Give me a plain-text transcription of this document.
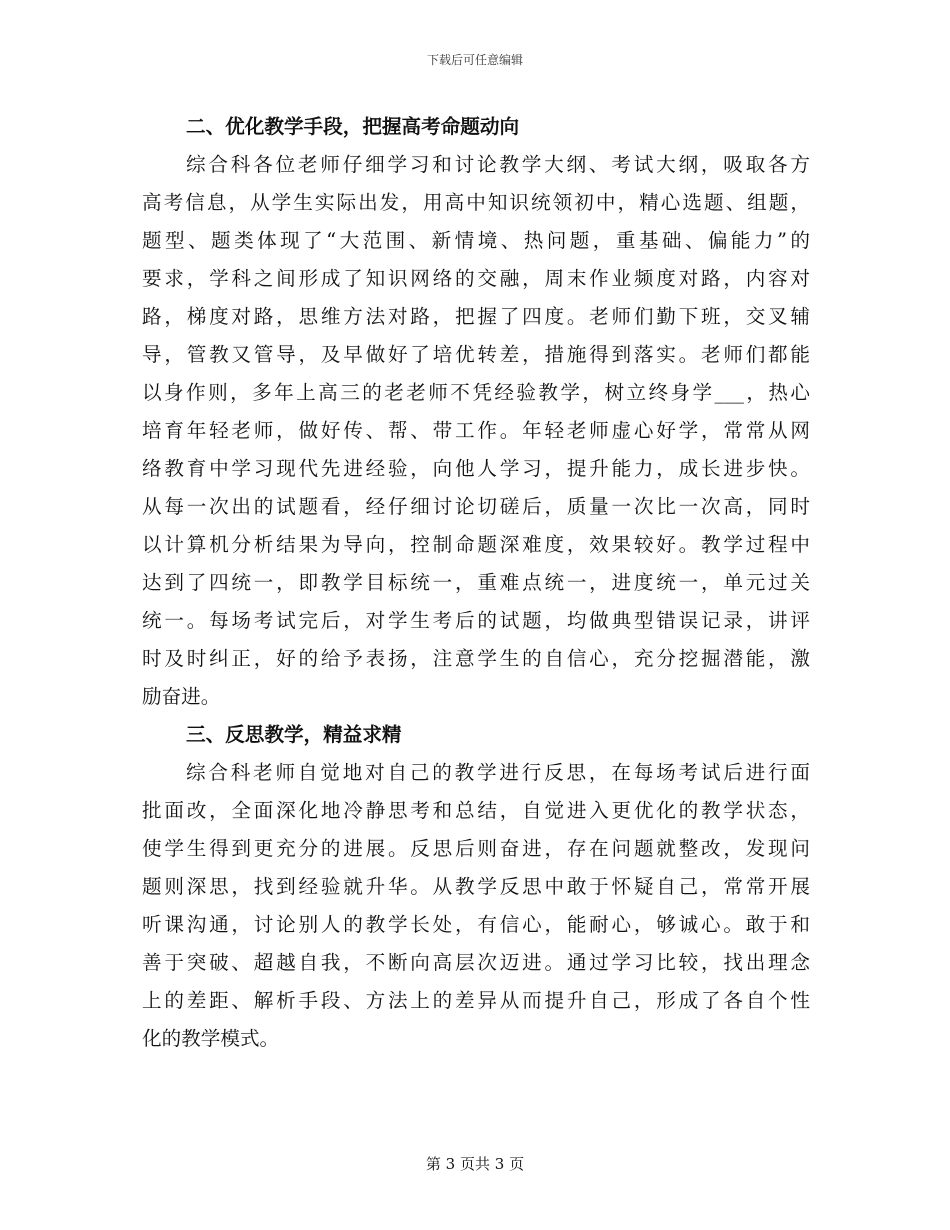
下载后可任意编辑
二、优化教学手段，把握高考命题动向
综合科各位老师仔细学习和讨论教学大纲、考试大纲，吸取各方
高考信息，从学生实际出发，用高中知识统领初中，精心选题、组题，
题型、题类体现了“大范围、新情境、热问题，重基础、偏能力”的
要求，学科之间形成了知识网络的交融，周末作业频度对路，内容对
路，梯度对路，思维方法对路，把握了四度。老师们勤下班，交叉辅
导，管教又管导，及早做好了培优转差，措施得到落实。老师们都能
以身作则，多年上高三的老老师不凭经验教学，树立终身学___，热心
培育年轻老师，做好传、帮、带工作。年轻老师虚心好学，常常从网
络教育中学习现代先进经验，向他人学习，提升能力，成长进步快。
从每一次出的试题看，经仔细讨论切磋后，质量一次比一次高，同时
以计算机分析结果为导向，控制命题深难度，效果较好。教学过程中
达到了四统一，即教学目标统一，重难点统一，进度统一，单元过关
统一。每场考试完后，对学生考后的试题，均做典型错误记录，讲评
时及时纠正，好的给予表扬，注意学生的自信心，充分挖掘潜能，激
励奋进。
三、反思教学，精益求精
综合科老师自觉地对自己的教学进行反思，在每场考试后进行面
批面改，全面深化地冷静思考和总结，自觉进入更优化的教学状态，
使学生得到更充分的进展。反思后则奋进，存在问题就整改，发现问
题则深思，找到经验就升华。从教学反思中敢于怀疑自己，常常开展
听课沟通，讨论别人的教学长处，有信心，能耐心，够诚心。敢于和
善于突破、超越自我，不断向高层次迈进。通过学习比较，找出理念
上的差距、解析手段、方法上的差异从而提升自己，形成了各自个性
化的教学模式。
第 3 页共 3 页
